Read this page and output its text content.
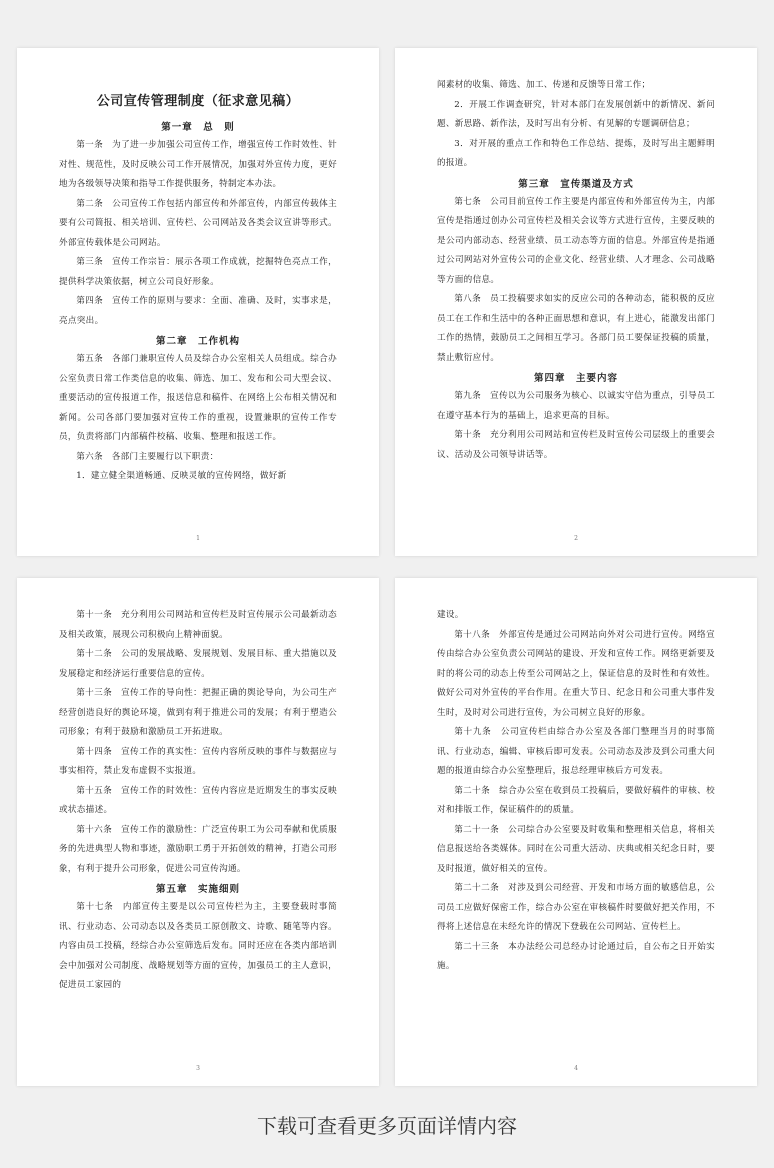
公司宣传管理制度（征求意见稿）
第一章　总　则

第一条　为了进一步加强公司宣传工作，增强宣传工作时效性、针对性、规范性，及时反映公司工作开展情况，加强对外宣传力度，更好地为各级领导决策和指导工作提供服务，特制定本办法。

第二条　公司宣传工作包括内部宣传和外部宣传，内部宣传载体主要有公司简报、相关培训、宣传栏、公司网站及各类会议宣讲等形式。外部宣传载体是公司网站。

第三条　宣传工作宗旨：展示各项工作成就，挖掘特色亮点工作，提供科学决策依据，树立公司良好形象。

第四条　宣传工作的原则与要求：全面、准确、及时，实事求是，亮点突出。

第二章　工作机构

第五条　各部门兼职宣传人员及综合办公室相关人员组成。综合办公室负责日常工作类信息的收集、筛选、加工、发布和公司大型会议、重要活动的宣传报道工作，报送信息和稿件、在网络上公布相关情况和新闻。公司各部门要加强对宣传工作的重视，设置兼职的宣传工作专员，负责将部门内部稿件校稿、收集、整理和报送工作。

第六条　各部门主要履行以下职责：

1．建立健全渠道畅通、反映灵敏的宣传网络，做好新

1

闻素材的收集、筛选、加工、传递和反馈等日常工作；

2．开展工作调查研究，针对本部门在发展创新中的新情况、新问题、新思路、新作法，及时写出有分析、有见解的专题调研信息；

3．对开展的重点工作和特色工作总结、提炼，及时写出主题鲜明的报道。

第三章　宣传渠道及方式

第七条　公司目前宣传工作主要是内部宣传和外部宣传为主，内部宣传是指通过创办公司宣传栏及相关会议等方式进行宣传，主要反映的是公司内部动态、经营业绩、员工动态等方面的信息。外部宣传是指通过公司网站对外宣传公司的企业文化、经营业绩、人才理念、公司战略等方面的信息。

第八条　员工投稿要求如实的反应公司的各种动态，能积极的反应员工在工作和生活中的各种正面思想和意识，有上进心，能激发出部门工作的热情，鼓励员工之间相互学习。各部门员工要保证投稿的质量，禁止敷衍应付。

第四章　主要内容

第九条　宣传以为公司服务为核心、以诚实守信为重点，引导员工在遵守基本行为的基础上，追求更高的目标。

第十条　充分利用公司网站和宣传栏及时宣传公司层级上的重要会议、活动及公司领导讲话等。

2

第十一条　充分利用公司网站和宣传栏及时宣传展示公司最新动态及相关政策，展现公司积极向上精神面貌。

第十二条　公司的发展战略、发展规划、发展目标、重大措施以及发展稳定和经济运行重要信息的宣传。

第十三条　宣传工作的导向性：把握正确的舆论导向，为公司生产经营创造良好的舆论环境，做到有利于推进公司的发展；有利于塑造公司形象；有利于鼓励和激励员工开拓进取。

第十四条　宣传工作的真实性：宣传内容所反映的事件与数据应与事实相符，禁止发布虚假不实报道。

第十五条　宣传工作的时效性：宣传内容应是近期发生的事实反映或状态描述。

第十六条　宣传工作的激励性：广泛宣传职工为公司奉献和优质服务的先进典型人物和事迹，激励职工勇于开拓创效的精神，打造公司形象，有利于提升公司形象，促进公司宣传沟通。

第五章　实施细则

第十七条　内部宣传主要是以公司宣传栏为主，主要登载时事简讯、行业动态、公司动态以及各类员工原创散文、诗歌、随笔等内容。内容由员工投稿，经综合办公室筛选后发布。同时还应在各类内部培训会中加强对公司制度、战略规划等方面的宣传，加强员工的主人意识，促进员工家园的

3

建设。

第十八条　外部宣传是通过公司网站向外对公司进行宣传。网络宣传由综合办公室负责公司网站的建设、开发和宣传工作。网络更新要及时的将公司的动态上传至公司网站之上，保证信息的及时性和有效性。做好公司对外宣传的平台作用。在重大节日、纪念日和公司重大事件发生时，及时对公司进行宣传，为公司树立良好的形象。

第十九条　公司宣传栏由综合办公室及各部门整理当月的时事简讯、行业动态，编辑、审核后即可发表。公司动态及涉及到公司重大问题的报道由综合办公室整理后，报总经理审核后方可发表。

第二十条　综合办公室在收到员工投稿后，要做好稿件的审核、校对和排版工作，保证稿件的的质量。

第二十一条　公司综合办公室要及时收集和整理相关信息，将相关信息报送给各类媒体。同时在公司重大活动、庆典或相关纪念日时，要及时报道，做好相关的宣传。

第二十二条　对涉及到公司经营、开发和市场方面的敏感信息，公司员工应做好保密工作，综合办公室在审核稿件时要做好把关作用，不得将上述信息在未经允许的情况下登载在公司网站、宣传栏上。

第二十三条　本办法经公司总经办讨论通过后，自公布之日开始实施。

4
下载可查看更多页面详情内容
